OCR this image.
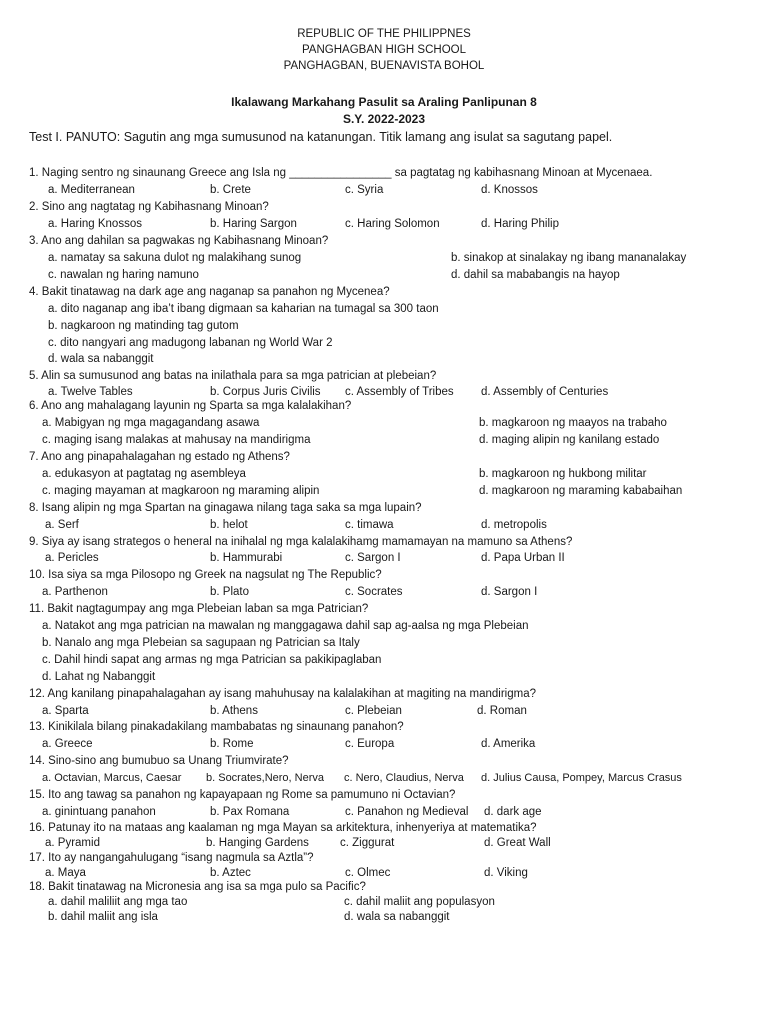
REPUBLIC OF THE PHILIPPNES
PANGHAGBAN HIGH SCHOOL
PANGHAGBAN, BUENAVISTA BOHOL
Ikalawang Markahang Pasulit sa Araling Panlipunan 8
S.Y. 2022-2023
Test I. PANUTO: Sagutin ang mga sumusunod na katanungan. Titik lamang ang isulat sa sagutang papel.
1. Naging sentro ng sinaunang Greece ang Isla ng ________________ sa pagtatag ng kabihasnang Minoan at Mycenaea.
a. Mediterranean	b. Crete	c. Syria	d. Knossos
2. Sino ang nagtatag ng Kabihasnang Minoan?
a. Haring Knossos	b. Haring Sargon	c. Haring Solomon	d. Haring Philip
3. Ano ang dahilan sa pagwakas ng Kabihasnang Minoan?
a. namatay sa sakuna dulot ng malakihang sunog	b. sinakop at sinalakay ng ibang mananalakay
c. nawalan ng haring namuno	d. dahil sa mababangis na hayop
4. Bakit tinatawag na dark age ang naganap sa panahon ng Mycenea?
a. dito naganap ang iba’t ibang digmaan sa kaharian na tumagal sa 300 taon
b. nagkaroon ng matinding tag gutom
c. dito nangyari ang madugong labanan ng World War 2
d. wala sa nabanggit
5. Alin sa sumusunod ang batas na inilathala para sa mga patrician at plebeian?
a. Twelve Tables	b. Corpus Juris Civilis c. Assembly of Tribes d. Assembly of Centuries
6. Ano ang mahalagang layunin ng Sparta sa mga kalalakihan?
a. Mabigyan ng mga magagandang asawa	b. magkaroon ng maayos na trabaho
c. maging isang malakas at mahusay na mandirigma	d. maging alipin ng kanilang estado
7. Ano ang pinapahalagahan ng estado ng Athens?
a. edukasyon at pagtatag ng asembleya	b. magkaroon ng hukbong militar
c. maging mayaman at magkaroon ng maraming alipin	d. magkaroon ng maraming kababaihan
8. Isang alipin ng mga Spartan na ginagawa nilang taga saka sa mga lupain?
a. Serf	b. helot	c. timawa	d. metropolis
9. Siya ay isang strategos o heneral na inihalal ng mga kalalakihamg mamamayan na mamuno sa Athens?
a. Pericles	b. Hammurabi	c. Sargon I	d. Papa Urban II
10. Isa siya sa mga Pilosopo ng Greek na nagsulat ng The Republic?
a. Parthenon	b. Plato	c. Socrates	d. Sargon I
11. Bakit nagtagumpay ang mga Plebeian laban sa mga Patrician?
a. Natakot ang mga patrician na mawalan ng manggagawa dahil sap ag-aalsa ng mga Plebeian
b. Nanalo ang mga Plebeian sa sagupaan ng Patrician sa Italy
c. Dahil hindi sapat ang armas ng mga Patrician sa pakikipaglaban
d. Lahat ng Nabanggit
12. Ang kanilang pinapahalagahan ay isang mahuhusay na kalalakihan at magiting na mandirigma?
a. Sparta	b. Athens	c. Plebeian	d. Roman
13. Kinikilala bilang pinakadakilang mambabatas ng sinaunang panahon?
a. Greece	b. Rome	c. Europa	d. Amerika
14. Sino-sino ang bumubuo sa Unang Triumvirate?
a. Octavian, Marcus, Caesar b. Socrates,Nero, Nerva c. Nero, Claudius, Nerva d. Julius Causa, Pompey, Marcus Crasus
15. Ito ang tawag sa panahon ng kapayapaan ng Rome sa pamumuno ni Octavian?
a. ginintuang panahon	b. Pax Romana	c. Panahon ng Medieval d. dark age
16. Patunay ito na mataas ang kaalaman ng mga Mayan sa arkitektura, inhenyeriya at matematika?
a. Pyramid	b. Hanging Gardens	c. Ziggurat	d. Great Wall
17. Ito ay nangangahulugang “isang nagmula sa Aztla”?
a. Maya	b. Aztec	c. Olmec	d. Viking
18. Bakit tinatawag na Micronesia ang isa sa mga pulo sa Pacific?
a. dahil maliliit ang mga tao	c. dahil maliit ang populasyon
b. dahil maliit ang isla	d. wala sa nabanggit
